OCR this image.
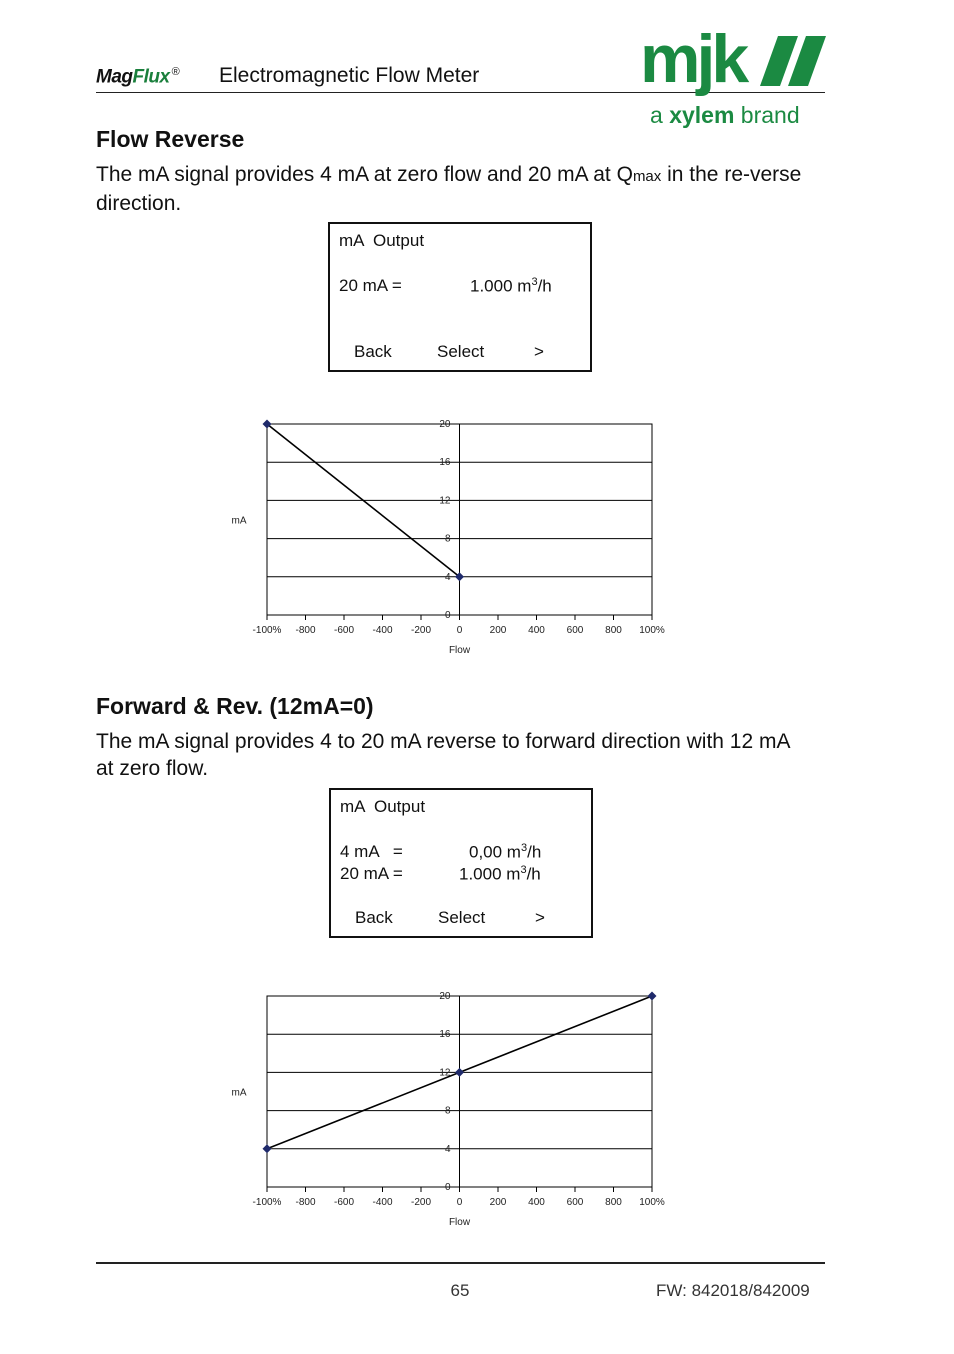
MagFlux ® Electromagnetic Flow Meter mjk
a xylem brand
Flow Reverse
The mA signal provides 4 mA at zero flow and 20 mA at Qmax in the re-verse direction.
mA  Output
20 mA =	1.000 $m^3/h$
Back	Select	>
0
4
8
12
16
20
-100% -800 -600 -400 -200	0	200 400 600 800 100%
Flow
mA
Forward & Rev. (12mA=0)
The mA signal provides 4 to 20 mA reverse to forward direction with 12 mA at zero flow.
mA  Output
4 mA   =	0,00 $m^3/h$
20 mA =	1.000 $m^3/h$
Back	Select	>
0
4
8
12
16
20
-100% -800 -600 -400 -200	0	200 400 600 800 100%
Flow
mA
65	FW: 842018/842009
